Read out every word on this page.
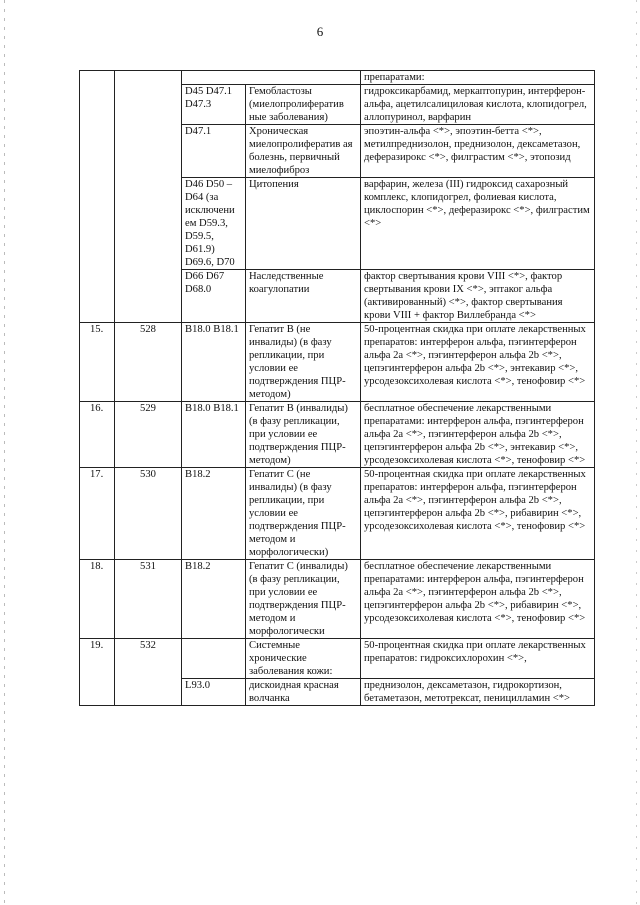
6
				препаратами:
		D45 D47.1 D47.3	Гемобластозы (миелопролифератив ные заболевания)	гидроксикарбамид, меркаптопурин, интерферон-альфа, ацетилсалициловая кислота, клопидогрел, аллопуринол, варфарин
		D47.1	Хроническая миелопролифератив ая болезнь, первичный миелофиброз	эпоэтин-альфа <*>, эпоэтин-бетта <*>, метилпреднизолон, преднизолон, дексаметазон, деферазирокс <*>, филграстим <*>, этопозид
		D46 D50 – D64 (за исключени ем D59.3, D59.5, D61.9) D69.6, D70	Цитопения	варфарин, железа (III) гидроксид сахарозный комплекс, клопидогрел, фолиевая кислота, циклоспорин <*>, деферазирокс <*>, филграстим <*>
		D66 D67 D68.0	Наследственные коагулопатии	фактор свертывания крови VIII <*>, фактор свертывания крови IX <*>, эптаког альфа (активированный) <*>, фактор свертывания крови VIII + фактор Виллебранда <*>
15.	528	B18.0 B18.1	Гепатит В (не инвалиды) (в фазу репликации, при условии ее подтверждения ПЦР-методом)	50-процентная скидка при оплате лекарственных препаратов: интерферон альфа, пэгинтерферон альфа 2а <*>, пэгинтерферон альфа 2b <*>, цепэгинтерферон альфа 2b <*>, энтекавир <*>, урсодезоксихолевая кислота <*>, тенофовир <*>
16.	529	B18.0 B18.1	Гепатит В (инвалиды) (в фазу репликации, при условии ее подтверждения ПЦР-методом)	бесплатное обеспечение лекарственными препаратами: интерферон альфа, пэгинтерферон альфа 2а <*>, пэгинтерферон альфа 2b <*>, цепэгинтерферон альфа 2b <*>, энтекавир <*>, урсодезоксихолевая кислота <*>, тенофовир <*>
17.	530	B18.2	Гепатит С (не инвалиды) (в фазу репликации, при условии ее подтверждения ПЦР-методом и морфологически)	50-процентная скидка при оплате лекарственных препаратов: интерферон альфа, пэгинтерферон альфа 2а <*>, пэгинтерферон альфа 2b <*>, цепэгинтерферон альфа 2b <*>, рибавирин <*>, урсодезоксихолевая кислота <*>, тенофовир <*>
18.	531	B18.2	Гепатит С (инвалиды) (в фазу репликации, при условии ее подтверждения ПЦР-методом и морфологически	бесплатное обеспечение лекарственными препаратами: интерферон альфа, пэгинтерферон альфа 2а <*>, пэгинтерферон альфа 2b <*>, цепэгинтерферон альфа 2b <*>, рибавирин <*>, урсодезоксихолевая кислота <*>, тенофовир <*>
19.	532		Системные хронические заболевания кожи:	50-процентная скидка при оплате лекарственных препаратов: гидроксихлорохин <*>,
		L93.0	дискоидная красная волчанка	преднизолон, дексаметазон, гидрокортизон, бетаметазон, метотрексат, пеницилламин <*>
